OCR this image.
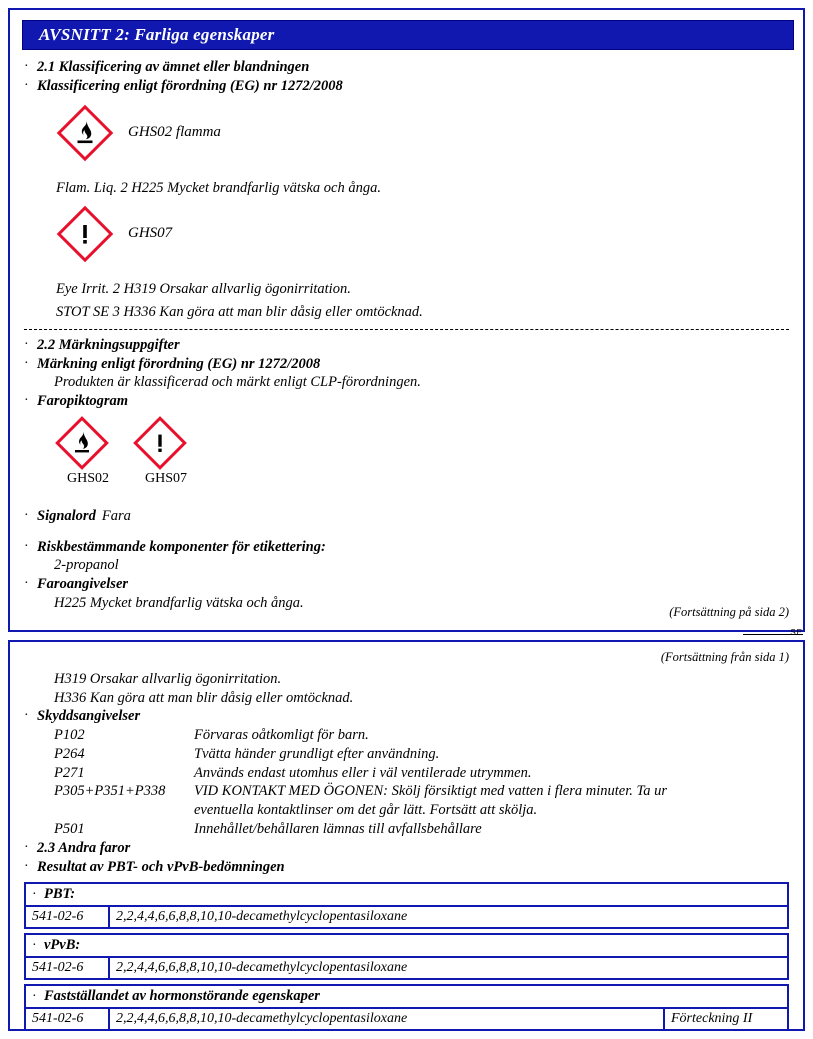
AVSNITT 2: Farliga egenskaper
· 2.1 Klassificering av ämnet eller blandningen
· Klassificering enligt förordning (EG) nr 1272/2008
GHS02 flamma
Flam. Liq. 2 H225 Mycket brandfarlig vätska och ånga.
GHS07
Eye Irrit. 2 H319 Orsakar allvarlig ögonirritation.
STOT SE 3 H336 Kan göra att man blir dåsig eller omtöcknad.
· 2.2 Märkningsuppgifter
· Märkning enligt förordning (EG) nr 1272/2008
Produkten är klassificerad och märkt enligt CLP-förordningen.
· Faropiktogram
GHS02	GHS07
· Signalord Fara
· Riskbestämmande komponenter för etikettering:
2-propanol
· Faroangivelser
H225 Mycket brandfarlig vätska och ånga.
(Fortsättning på sida 2)
SE
(Fortsättning från sida 1)
H319 Orsakar allvarlig ögonirritation.
H336 Kan göra att man blir dåsig eller omtöcknad.
· Skyddsangivelser
P102	Förvaras oåtkomligt för barn.
P264	Tvätta händer grundligt efter användning.
P271	Används endast utomhus eller i väl ventilerade utrymmen.
P305+P351+P338	VID KONTAKT MED ÖGONEN: Skölj försiktigt med vatten i flera minuter. Ta ur
eventuella kontaktlinser om det går lätt. Fortsätt att skölja.
P501	Innehållet/behållaren lämnas till avfallsbehållare
· 2.3 Andra faror
· Resultat av PBT- och vPvB-bedömningen
· PBT:
541-02-6	2,2,4,4,6,6,8,8,10,10-decamethylcyclopentasiloxane
· vPvB:
541-02-6	2,2,4,4,6,6,8,8,10,10-decamethylcyclopentasiloxane
· Fastställandet av hormonstörande egenskaper
541-02-6	2,2,4,4,6,6,8,8,10,10-decamethylcyclopentasiloxane	Förteckning II
